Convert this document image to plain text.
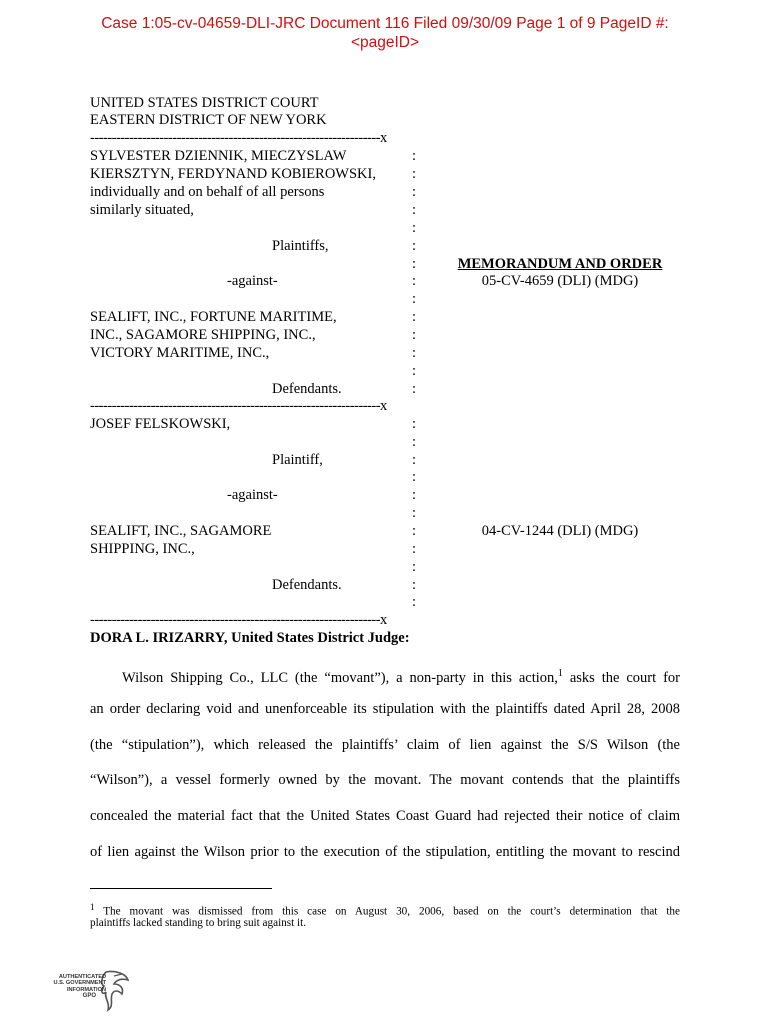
Case 1:05-cv-04659-DLI-JRC Document 116 Filed 09/30/09 Page 1 of 9 PageID #:
<pageID>
UNITED STATES DISTRICT COURT
EASTERN DISTRICT OF NEW YORK
-------------------------------------------------------------------x
SYLVESTER DZIENNIK, MIECZYSLAW
KIERSZTYN, FERDYNAND KOBIEROWSKI,
individually and on behalf of all persons
similarly situated,
Plaintiffs,
-against-
SEALIFT, INC., FORTUNE MARITIME,
INC., SAGAMORE SHIPPING, INC.,
VICTORY MARITIME, INC.,
Defendants.
-------------------------------------------------------------------x
MEMORANDUM AND ORDER
05-CV-4659 (DLI) (MDG)
JOSEF FELSKOWSKI,
Plaintiff,
-against-
SEALIFT, INC., SAGAMORE
SHIPPING, INC.,
Defendants.
-------------------------------------------------------------------x
04-CV-1244 (DLI) (MDG)
:
:
:
:
:
:
:
:
:
:
:
:
:
:
:
:
:
:
:
:
:
:
:
:
:
DORA L. IRIZARRY, United States District Judge:
Wilson Shipping Co., LLC (the “movant”), a non-party in this action,$^1$ asks the court for
an order declaring void and unenforceable its stipulation with the plaintiffs dated April 28, 2008
(the “stipulation”), which released the plaintiffs’ claim of lien against the S/S Wilson (the
“Wilson”), a vessel formerly owned by the movant. The movant contends that the plaintiffs
concealed the material fact that the United States Coast Guard had rejected their notice of claim
of lien against the Wilson prior to the execution of the stipulation, entitling the movant to rescind
$^1$ The movant was dismissed from this case on August 30, 2006, based on the court’s determination that the
plaintiffs lacked standing to bring suit against it.
AUTHENTICATED
U.S. GOVERNMENT
INFORMATION
GPO
